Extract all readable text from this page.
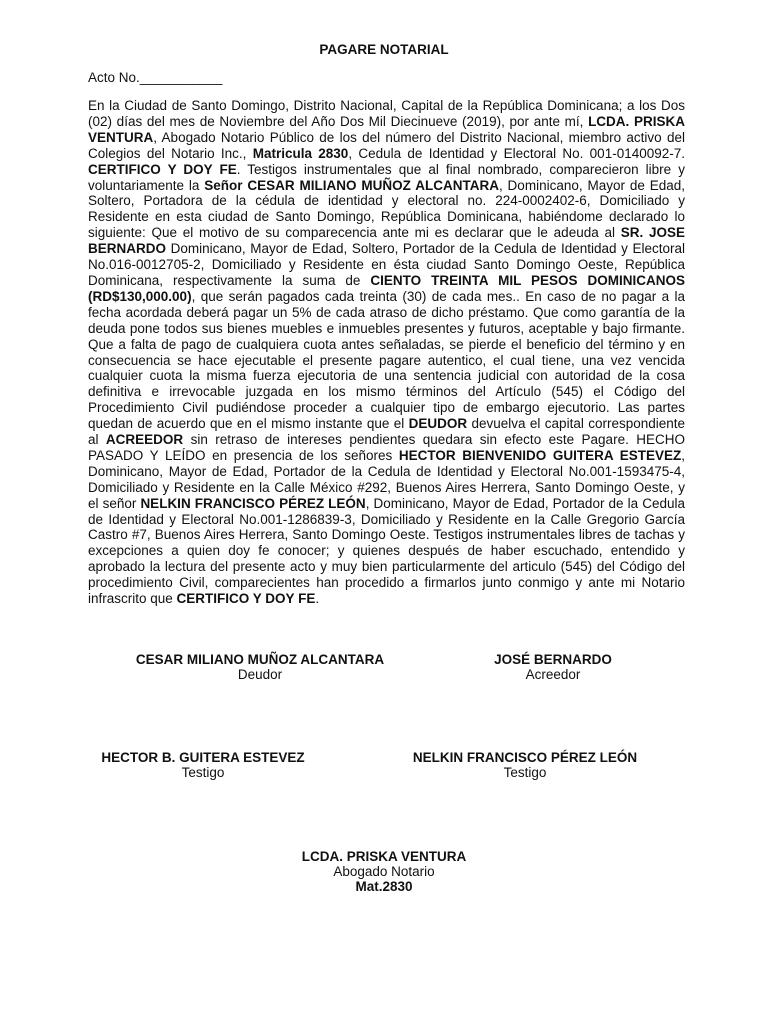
PAGARE NOTARIAL
Acto No.___________
En la Ciudad de Santo Domingo, Distrito Nacional, Capital de la República Dominicana; a los Dos (02) días del mes de Noviembre del Año Dos Mil Diecinueve (2019), por ante mí, LCDA. PRISKA VENTURA, Abogado Notario Público de los del número del Distrito Nacional, miembro activo del Colegios del Notario Inc., Matricula 2830, Cedula de Identidad y Electoral No. 001-0140092-7. CERTIFICO Y DOY FE. Testigos instrumentales que al final nombrado, comparecieron libre y voluntariamente la Señor CESAR MILIANO MUÑOZ ALCANTARA, Dominicano, Mayor de Edad, Soltero, Portadora de la cédula de identidad y electoral no. 224-0002402-6, Domiciliado y Residente en esta ciudad de Santo Domingo, República Dominicana, habiéndome declarado lo siguiente: Que el motivo de su comparecencia ante mi es declarar que le adeuda al SR. JOSE BERNARDO Dominicano, Mayor de Edad, Soltero, Portador de la Cedula de Identidad y Electoral No.016-0012705-2, Domiciliado y Residente en ésta ciudad Santo Domingo Oeste, República Dominicana, respectivamente la suma de CIENTO TREINTA MIL PESOS DOMINICANOS (RD$130,000.00), que serán pagados cada treinta (30) de cada mes.. En caso de no pagar a la fecha acordada deberá pagar un 5% de cada atraso de dicho préstamo. Que como garantía de la deuda pone todos sus bienes muebles e inmuebles presentes y futuros, aceptable y bajo firmante. Que a falta de pago de cualquiera cuota antes señaladas, se pierde el beneficio del término y en consecuencia se hace ejecutable el presente pagare autentico, el cual tiene, una vez vencida cualquier cuota la misma fuerza ejecutoria de una sentencia judicial con autoridad de la cosa definitiva e irrevocable juzgada en los mismo términos del Artículo (545) el Código del Procedimiento Civil pudiéndose proceder a cualquier tipo de embargo ejecutorio. Las partes quedan de acuerdo que en el mismo instante que el DEUDOR devuelva el capital correspondiente al ACREEDOR sin retraso de intereses pendientes quedara sin efecto este Pagare. HECHO PASADO Y LEÍDO en presencia de los señores HECTOR BIENVENIDO GUITERA ESTEVEZ, Dominicano, Mayor de Edad, Portador de la Cedula de Identidad y Electoral No.001-1593475-4, Domiciliado y Residente en la Calle México #292, Buenos Aires Herrera, Santo Domingo Oeste, y el señor NELKIN FRANCISCO PÉREZ LEÓN, Dominicano, Mayor de Edad, Portador de la Cedula de Identidad y Electoral No.001-1286839-3, Domiciliado y Residente en la Calle Gregorio García Castro #7, Buenos Aires Herrera, Santo Domingo Oeste. Testigos instrumentales libres de tachas y excepciones a quien doy fe conocer; y quienes después de haber escuchado, entendido y aprobado la lectura del presente acto y muy bien particularmente del articulo (545) del Código del procedimiento Civil, comparecientes han procedido a firmarlos junto conmigo y ante mi Notario infrascrito que CERTIFICO Y DOY FE.
CESAR MILIANO MUÑOZ ALCANTARA
Deudor
JOSÉ BERNARDO
Acreedor
HECTOR B. GUITERA ESTEVEZ
Testigo
NELKIN FRANCISCO PÉREZ LEÓN
Testigo
LCDA. PRISKA VENTURA
Abogado Notario
Mat.2830
